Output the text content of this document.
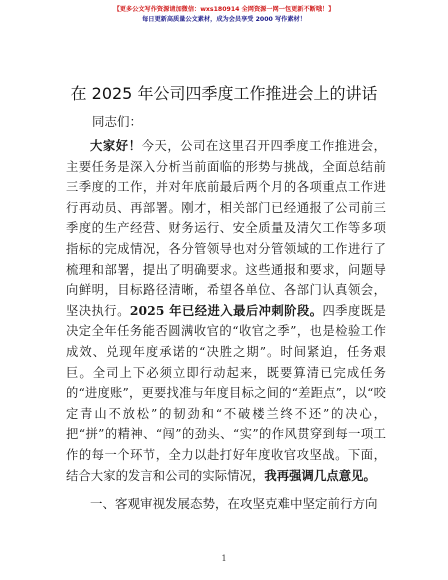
【更多公文写作资源请加微信：wxs180914 全网资源一网一包更新不断哦！】
每日更新高质量公文素材，成为会员享受 2000 写作素材！
在 2025 年公司四季度工作推进会上的讲话
同志们：

大家好！今天，公司在这里召开四季度工作推进会，主要任务是深入分析当前面临的形势与挑战，全面总结前三季度的工作，并对年底前最后两个月的各项重点工作进行再动员、再部署。刚才，相关部门已经通报了公司前三季度的生产经营、财务运行、安全质量及清欠工作等多项指标的完成情况，各分管领导也对分管领域的工作进行了梳理和部署，提出了明确要求。这些通报和要求，问题导向鲜明，目标路径清晰，希望各单位、各部门认真领会，坚决执行。2025 年已经进入最后冲刺阶段。四季度既是决定全年任务能否圆满收官的“收官之季”，也是检验工作成效、兑现年度承诺的“决胜之期”。时间紧迫，任务艰巨。全司上下必须立即行动起来，既要算清已完成任务的“进度账”，更要找准与年度目标之间的“差距点”，以“咬定青山不放松”的韧劲和“不破楼兰终不还”的决心，把“拼”的精神、“闯”的劲头、“实”的作风贯穿到每一项工作的每一个环节，全力以赴打好年度收官攻坚战。下面，结合大家的发言和公司的实际情况，我再强调几点意见。

一、客观审视发展态势，在攻坚克难中坚定前行方向
1
